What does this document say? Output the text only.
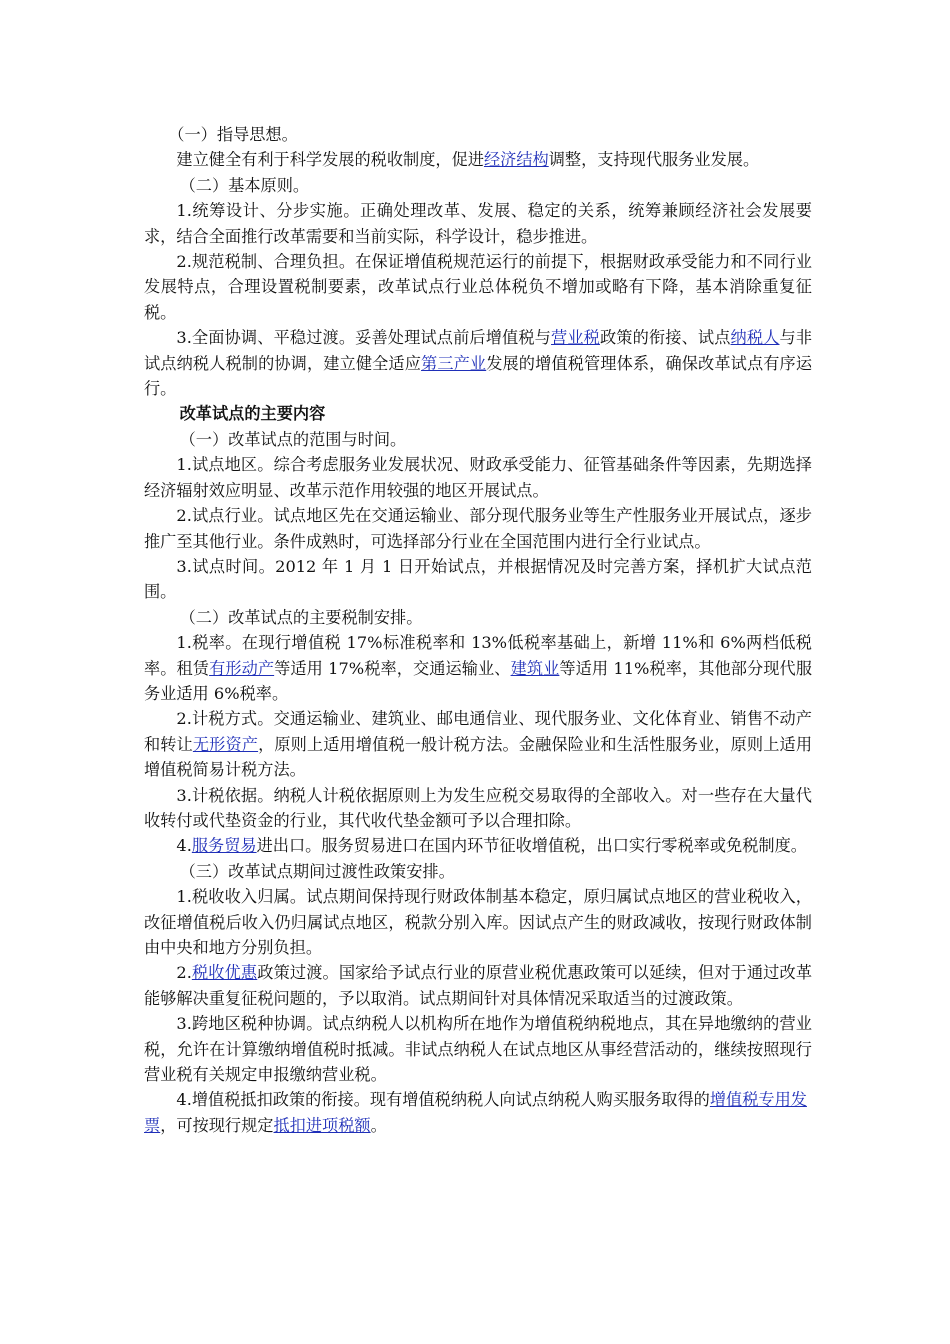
（一）指导思想。

建立健全有利于科学发展的税收制度，促进经济结构调整，支持现代服务业发展。

（二）基本原则。

1.统筹设计、分步实施。正确处理改革、发展、稳定的关系，统筹兼顾经济社会发展要求，结合全面推行改革需要和当前实际，科学设计，稳步推进。

2.规范税制、合理负担。在保证增值税规范运行的前提下，根据财政承受能力和不同行业发展特点，合理设置税制要素，改革试点行业总体税负不增加或略有下降，基本消除重复征税。

3.全面协调、平稳过渡。妥善处理试点前后增值税与营业税政策的衔接、试点纳税人与非试点纳税人税制的协调，建立健全适应第三产业发展的增值税管理体系，确保改革试点有序运行。

改革试点的主要内容

（一）改革试点的范围与时间。

1.试点地区。综合考虑服务业发展状况、财政承受能力、征管基础条件等因素，先期选择经济辐射效应明显、改革示范作用较强的地区开展试点。

2.试点行业。试点地区先在交通运输业、部分现代服务业等生产性服务业开展试点，逐步推广至其他行业。条件成熟时，可选择部分行业在全国范围内进行全行业试点。

3.试点时间。2012 年 1 月 1 日开始试点，并根据情况及时完善方案，择机扩大试点范围。

（二）改革试点的主要税制安排。

1.税率。在现行增值税 17%标准税率和 13%低税率基础上，新增 11%和 6%两档低税率。租赁有形动产等适用 17%税率，交通运输业、建筑业等适用 11%税率，其他部分现代服务业适用 6%税率。

2.计税方式。交通运输业、建筑业、邮电通信业、现代服务业、文化体育业、销售不动产和转让无形资产，原则上适用增值税一般计税方法。金融保险业和生活性服务业，原则上适用增值税简易计税方法。

3.计税依据。纳税人计税依据原则上为发生应税交易取得的全部收入。对一些存在大量代收转付或代垫资金的行业，其代收代垫金额可予以合理扣除。

4.服务贸易进出口。服务贸易进口在国内环节征收增值税，出口实行零税率或免税制度。

（三）改革试点期间过渡性政策安排。

1.税收收入归属。试点期间保持现行财政体制基本稳定，原归属试点地区的营业税收入，改征增值税后收入仍归属试点地区，税款分别入库。因试点产生的财政减收，按现行财政体制由中央和地方分别负担。

2.税收优惠政策过渡。国家给予试点行业的原营业税优惠政策可以延续，但对于通过改革能够解决重复征税问题的，予以取消。试点期间针对具体情况采取适当的过渡政策。

3.跨地区税种协调。试点纳税人以机构所在地作为增值税纳税地点，其在异地缴纳的营业税，允许在计算缴纳增值税时抵减。非试点纳税人在试点地区从事经营活动的，继续按照现行营业税有关规定申报缴纳营业税。

4.增值税抵扣政策的衔接。现有增值税纳税人向试点纳税人购买服务取得的增值税专用发票，可按现行规定抵扣进项税额。
